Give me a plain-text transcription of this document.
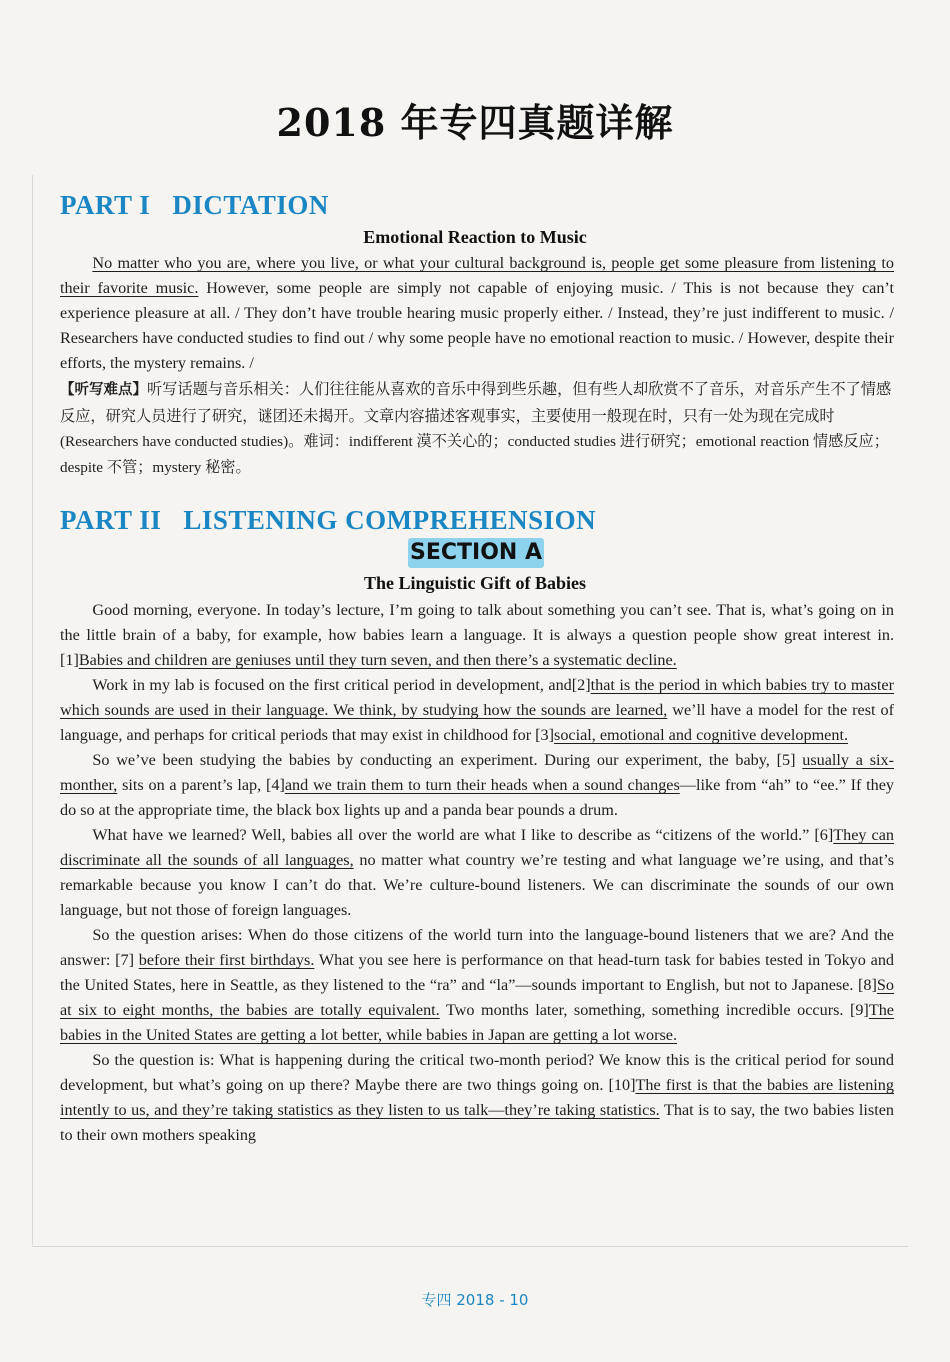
2018 年专四真题详解
PART I DICTATION
Emotional Reaction to Music

No matter who you are, where you live, or what your cultural background is, people get some pleasure from listening to their favorite music. However, some people are simply not capable of enjoying music. / This is not because they can’t experience pleasure at all. / They don’t have trouble hearing music properly either. / Instead, they’re just indifferent to music. / Researchers have conducted studies to find out / why some people have no emotional reaction to music. / However, despite their efforts, the mystery remains. /

【听写难点】听写话题与音乐相关：人们往往能从喜欢的音乐中得到些乐趣，但有些人却欣赏不了音乐，对音乐产生不了情感反应，研究人员进行了研究，谜团还未揭开。文章内容描述客观事实，主要使用一般现在时，只有一处为现在完成时(Researchers have conducted studies)。难词：indifferent 漠不关心的；conducted studies 进行研究；emotional reaction 情感反应；despite 不管；mystery 秘密。
PART II LISTENING COMPREHENSION
SECTION A
The Linguistic Gift of Babies

Good morning, everyone. In today’s lecture, I’m going to talk about something you can’t see. That is, what’s going on in the little brain of a baby, for example, how babies learn a language. It is always a question people show great interest in. [1]Babies and children are geniuses until they turn seven, and then there’s a systematic decline.

Work in my lab is focused on the first critical period in development, and[2]that is the period in which babies try to master which sounds are used in their language. We think, by studying how the sounds are learned, we’ll have a model for the rest of language, and perhaps for critical periods that may exist in childhood for [3]social, emotional and cognitive development.

So we’ve been studying the babies by conducting an experiment. During our experiment, the baby, [5] usually a six-monther, sits on a parent’s lap, [4]and we train them to turn their heads when a sound changes—like from “ah” to “ee.” If they do so at the appropriate time, the black box lights up and a panda bear pounds a drum.

What have we learned? Well, babies all over the world are what I like to describe as “citizens of the world.” [6]They can discriminate all the sounds of all languages, no matter what country we’re testing and what language we’re using, and that’s remarkable because you know I can’t do that. We’re culture-bound listeners. We can discriminate the sounds of our own language, but not those of foreign languages.

So the question arises: When do those citizens of the world turn into the language-bound listeners that we are? And the answer: [7] before their first birthdays. What you see here is performance on that head-turn task for babies tested in Tokyo and the United States, here in Seattle, as they listened to the “ra” and “la”—sounds important to English, but not to Japanese. [8]So at six to eight months, the babies are totally equivalent. Two months later, something, something incredible occurs. [9]The babies in the United States are getting a lot better, while babies in Japan are getting a lot worse.

So the question is: What is happening during the critical two-month period? We know this is the critical period for sound development, but what’s going on up there? Maybe there are two things going on. [10]The first is that the babies are listening intently to us, and they’re taking statistics as they listen to us talk—they’re taking statistics. That is to say, the two babies listen to their own mothers speaking

专四 2018 - 10
